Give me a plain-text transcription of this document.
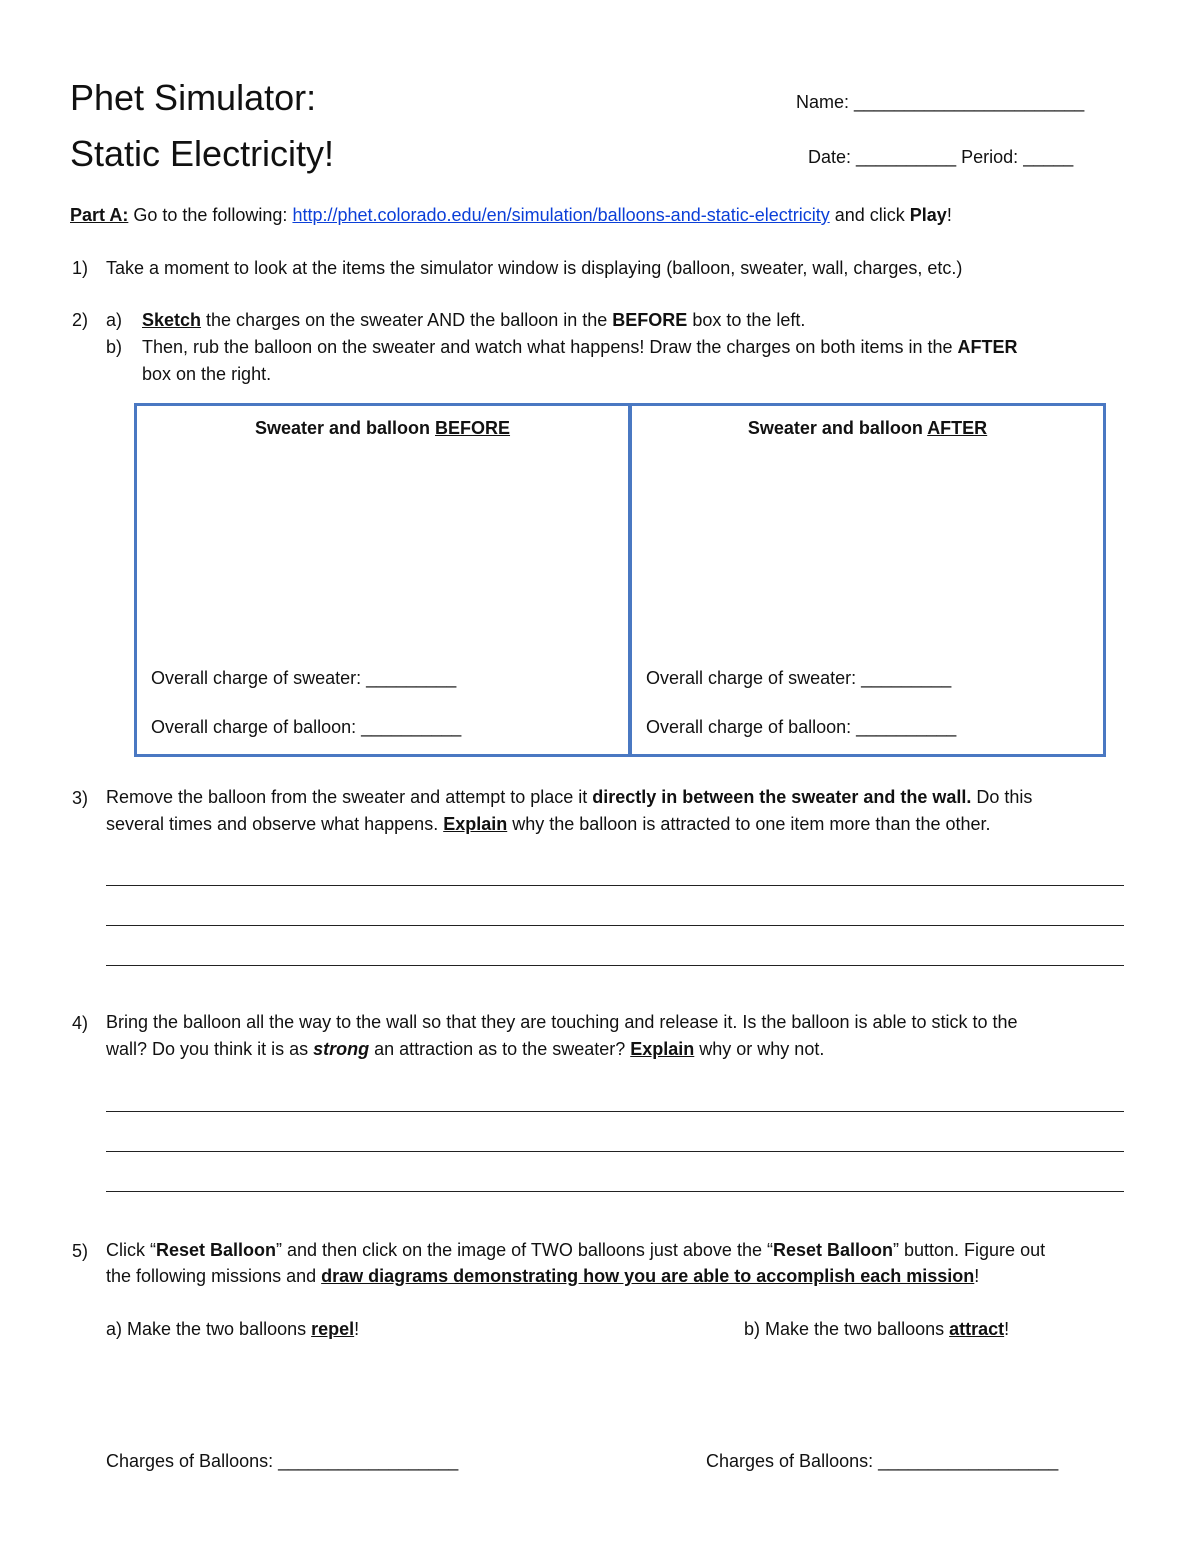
Phet Simulator:
Static Electricity!
Name: _______________________
Date: __________ Period: _____
Part A: Go to the following: http://phet.colorado.edu/en/simulation/balloons-and-static-electricity and click Play!
1) Take a moment to look at the items the simulator window is displaying (balloon, sweater, wall, charges, etc.)
2) a) Sketch the charges on the sweater AND the balloon in the BEFORE box to the left.
b) Then, rub the balloon on the sweater and watch what happens! Draw the charges on both items in the AFTER
box on the right.
Sweater and balloon BEFORE
Overall charge of sweater: _________
Overall charge of balloon: __________
Sweater and balloon AFTER
Overall charge of sweater: _________
Overall charge of balloon: __________
3) Remove the balloon from the sweater and attempt to place it directly in between the sweater and the wall. Do this
several times and observe what happens. Explain why the balloon is attracted to one item more than the other.
4) Bring the balloon all the way to the wall so that they are touching and release it. Is the balloon is able to stick to the
wall? Do you think it is as strong an attraction as to the sweater? Explain why or why not.
5) Click “Reset Balloon” and then click on the image of TWO balloons just above the “Reset Balloon” button. Figure out
the following missions and draw diagrams demonstrating how you are able to accomplish each mission!
a) Make the two balloons repel!	b) Make the two balloons attract!
Charges of Balloons: __________________	Charges of Balloons: __________________
